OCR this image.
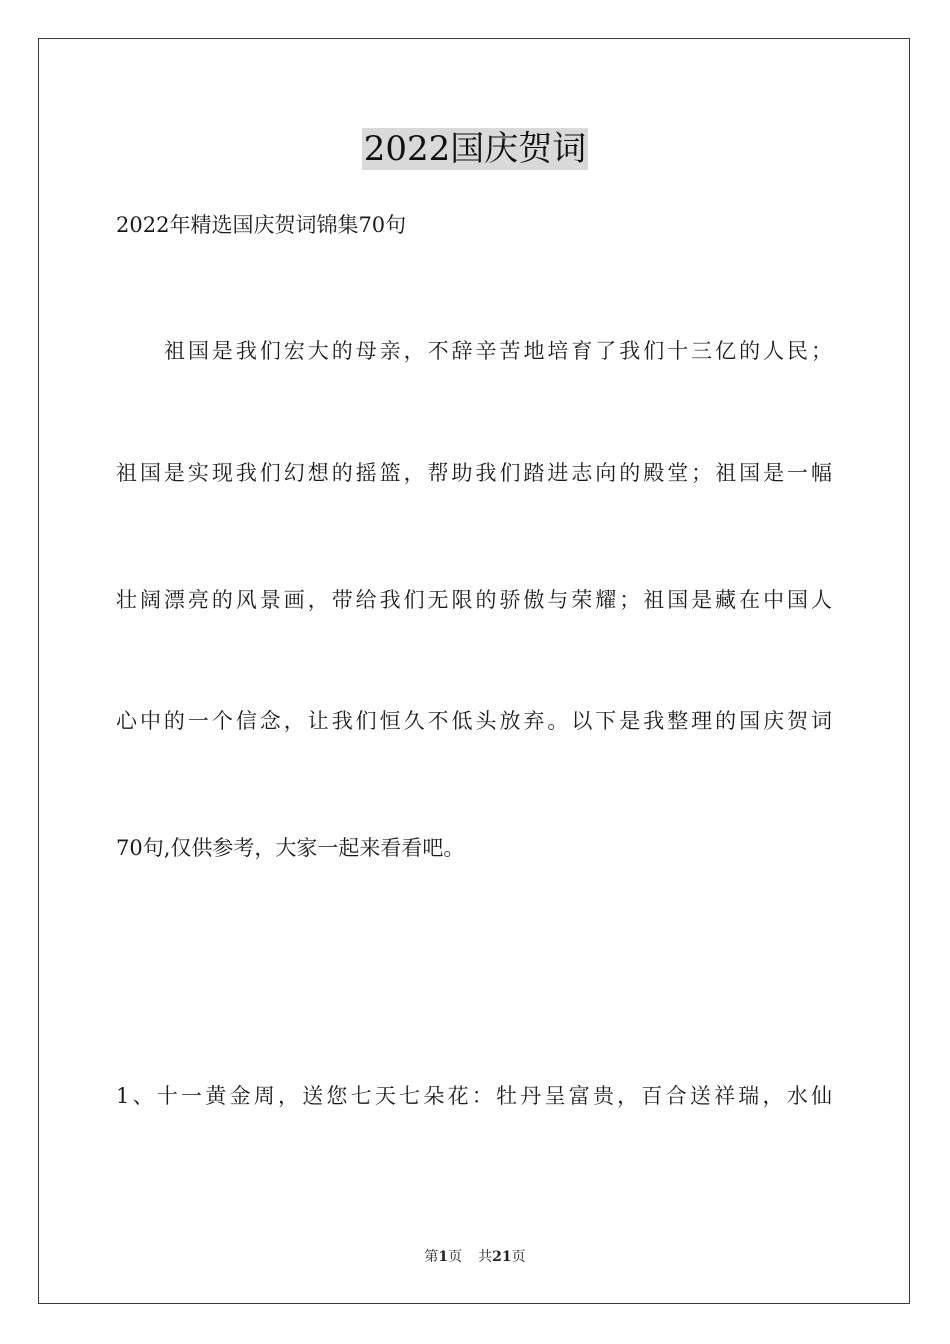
2022国庆贺词
2022年精选国庆贺词锦集70句
祖国是我们宏大的母亲，不辞辛苦地培育了我们十三亿的人民；
祖国是实现我们幻想的摇篮，帮助我们踏进志向的殿堂；祖国是一幅
壮阔漂亮的风景画，带给我们无限的骄傲与荣耀；祖国是藏在中国人
心中的一个信念，让我们恒久不低头放弃。以下是我整理的国庆贺词
70句,仅供参考，大家一起来看看吧。
1、十一黄金周，送您七天七朵花：牡丹呈富贵，百合送祥瑞，水仙
第1页 共21页
